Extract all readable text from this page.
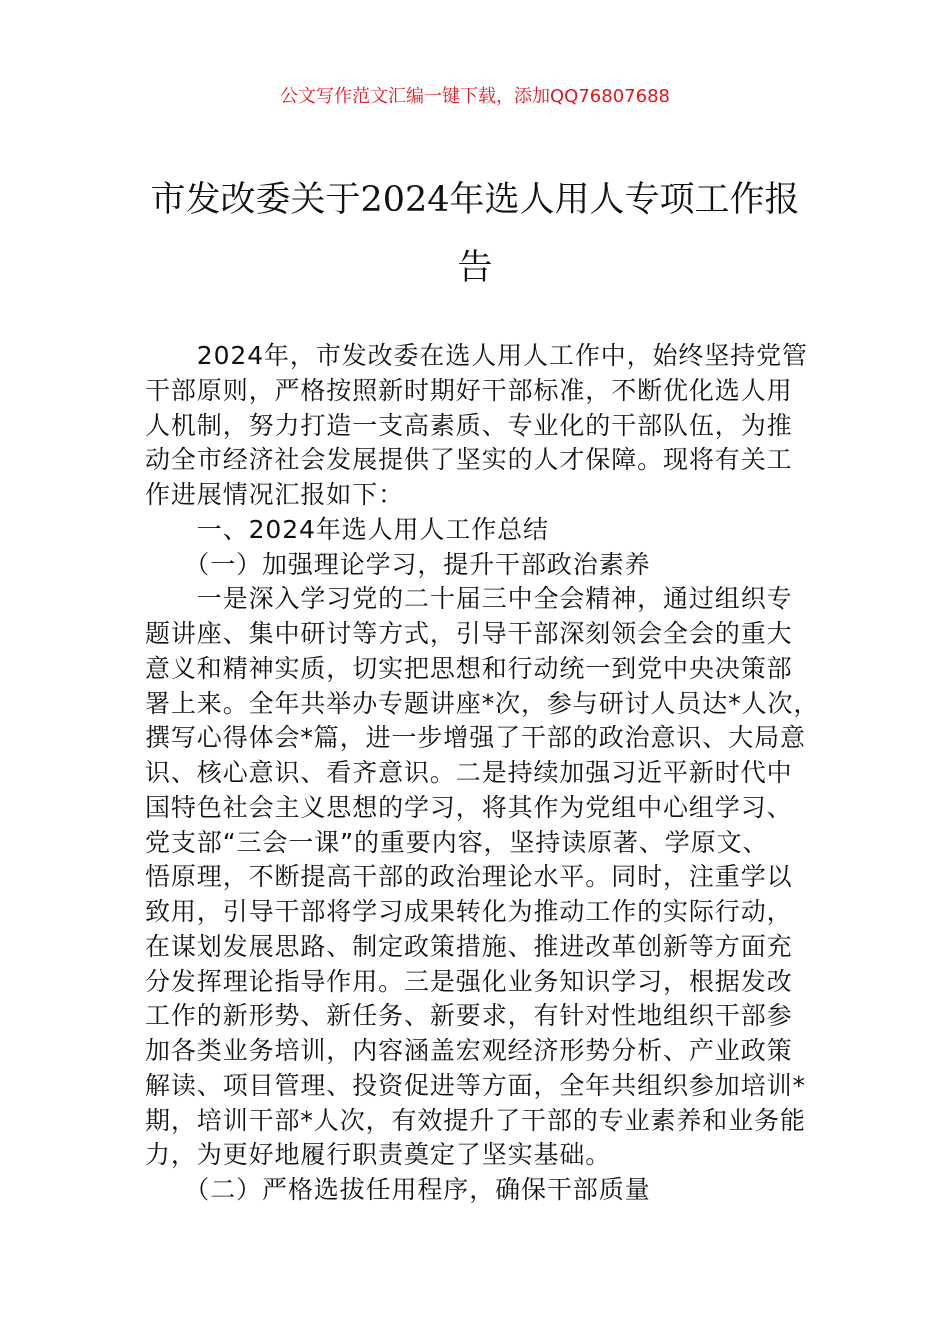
公文写作范文汇编一键下载，添加QQ76807688
市发改委关于2024年选人用人专项工作报
告
　　2024年，市发改委在选人用人工作中，始终坚持党管
干部原则，严格按照新时期好干部标准，不断优化选人用
人机制，努力打造一支高素质、专业化的干部队伍，为推
动全市经济社会发展提供了坚实的人才保障。现将有关工
作进展情况汇报如下：
　　一、2024年选人用人工作总结
　　（一）加强理论学习，提升干部政治素养
　　一是深入学习党的二十届三中全会精神，通过组织专
题讲座、集中研讨等方式，引导干部深刻领会全会的重大
意义和精神实质，切实把思想和行动统一到党中央决策部
署上来。全年共举办专题讲座*次，参与研讨人员达*人次，
撰写心得体会*篇，进一步增强了干部的政治意识、大局意
识、核心意识、看齐意识。二是持续加强习近平新时代中
国特色社会主义思想的学习，将其作为党组中心组学习、
党支部“三会一课”的重要内容，坚持读原著、学原文、
悟原理，不断提高干部的政治理论水平。同时，注重学以
致用，引导干部将学习成果转化为推动工作的实际行动，
在谋划发展思路、制定政策措施、推进改革创新等方面充
分发挥理论指导作用。三是强化业务知识学习，根据发改
工作的新形势、新任务、新要求，有针对性地组织干部参
加各类业务培训，内容涵盖宏观经济形势分析、产业政策
解读、项目管理、投资促进等方面，全年共组织参加培训*
期，培训干部*人次，有效提升了干部的专业素养和业务能
力，为更好地履行职责奠定了坚实基础。
　　（二）严格选拔任用程序，确保干部质量
